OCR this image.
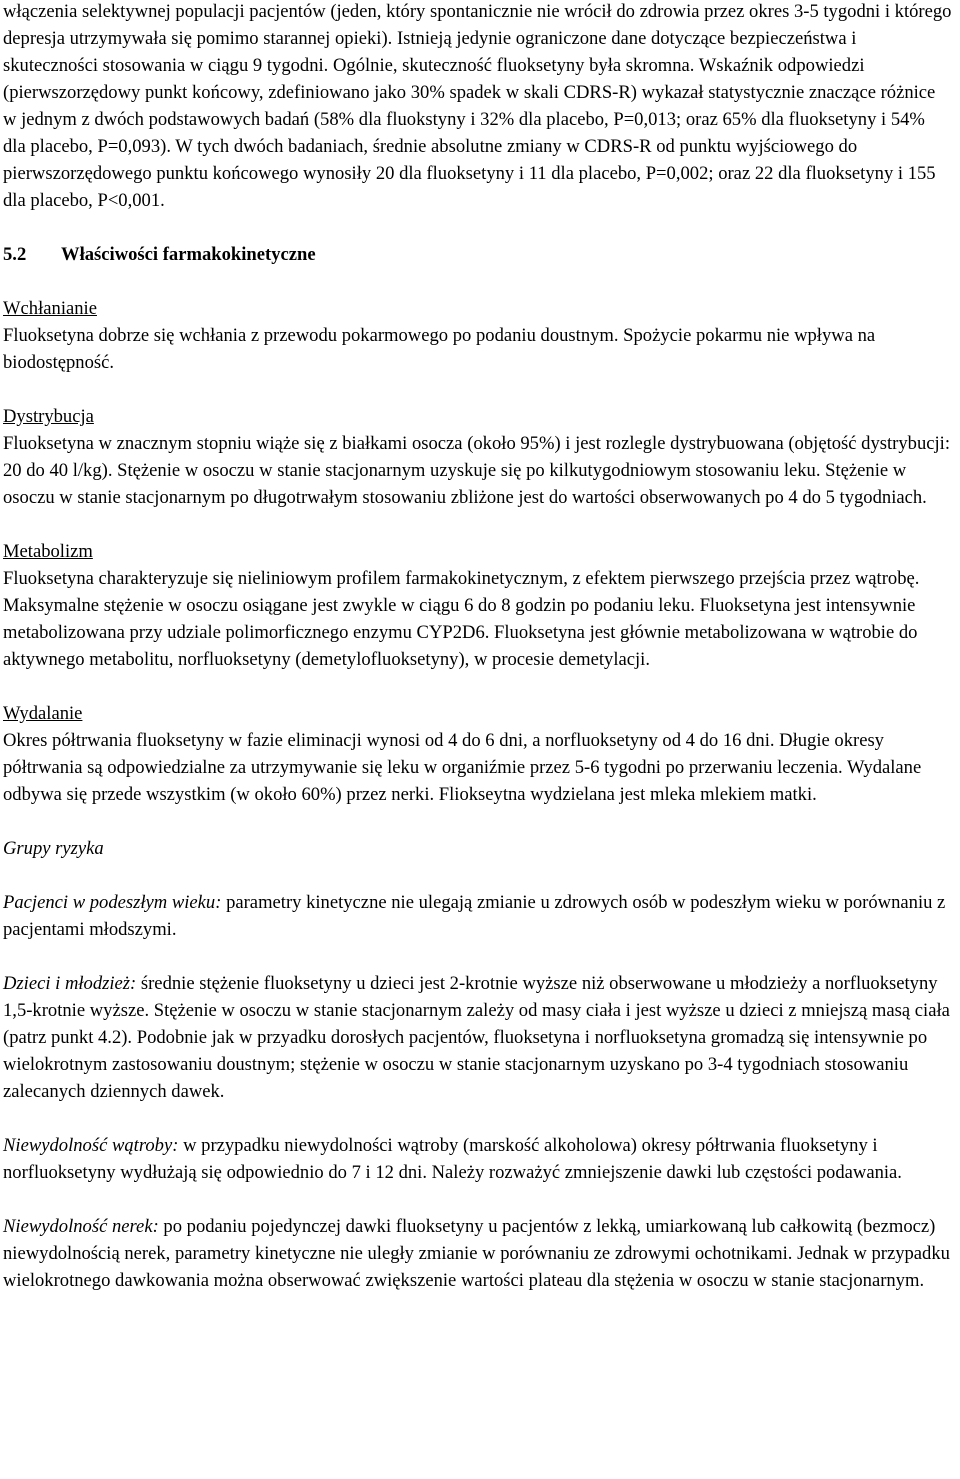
włączenia selektywnej populacji pacjentów (jeden, który spontanicznie nie wrócił do zdrowia przez okres 3-5 tygodni i którego depresja utrzymywała się pomimo starannej opieki). Istnieją jedynie ograniczone dane dotyczące bezpieczeństwa i skuteczności stosowania w ciągu 9 tygodni. Ogólnie, skuteczność fluoksetyny była skromna. Wskaźnik odpowiedzi (pierwszorzędowy punkt końcowy, zdefiniowano jako 30% spadek w skali CDRS-R) wykazał statystycznie znaczące różnice w jednym z dwóch podstawowych badań (58% dla fluokstyny i 32% dla placebo, P=0,013; oraz 65% dla fluoksetyny i 54% dla placebo, P=0,093). W tych dwóch badaniach, średnie absolutne zmiany w CDRS-R od punktu wyjściowego do pierwszorzędowego punktu końcowego wynosiły 20 dla fluoksetyny i 11 dla placebo, P=0,002; oraz 22 dla fluoksetyny i 155 dla placebo, P<0,001.

5.2 Właściwości farmakokinetyczne

Wchłanianie

Fluoksetyna dobrze się wchłania z przewodu pokarmowego po podaniu doustnym. Spożycie pokarmu nie wpływa na biodostępność.

Dystrybucja

Fluoksetyna w znacznym stopniu wiąże się z białkami osocza (około 95%) i jest rozlegle dystrybuowana (objętość dystrybucji: 20 do 40 l/kg). Stężenie w osoczu w stanie stacjonarnym uzyskuje się po kilkutygodniowym stosowaniu leku. Stężenie w osoczu w stanie stacjonarnym po długotrwałym stosowaniu zbliżone jest do wartości obserwowanych po 4 do 5 tygodniach.

Metabolizm

Fluoksetyna charakteryzuje się nieliniowym profilem farmakokinetycznym, z efektem pierwszego przejścia przez wątrobę. Maksymalne stężenie w osoczu osiągane jest zwykle w ciągu 6 do 8 godzin po podaniu leku. Fluoksetyna jest intensywnie metabolizowana przy udziale polimorficznego enzymu CYP2D6. Fluoksetyna jest głównie metabolizowana w wątrobie do aktywnego metabolitu, norfluoksetyny (demetylofluoksetyny), w procesie demetylacji.

Wydalanie

Okres półtrwania fluoksetyny w fazie eliminacji wynosi od 4 do 6 dni, a norfluoksetyny od 4 do 16 dni. Długie okresy półtrwania są odpowiedzialne za utrzymywanie się leku w organiźmie przez 5-6 tygodni po przerwaniu leczenia. Wydalane odbywa się przede wszystkim (w około 60%) przez nerki. Fliokseytna wydzielana jest mleka mlekiem matki.

Grupy ryzyka

Pacjenci w podeszłym wieku: parametry kinetyczne nie ulegają zmianie u zdrowych osób w podeszłym wieku w porównaniu z pacjentami młodszymi.

Dzieci i młodzież: średnie stężenie fluoksetyny u dzieci jest 2-krotnie wyższe niż obserwowane u młodzieży a norfluoksetyny 1,5-krotnie wyższe. Stężenie w osoczu w stanie stacjonarnym zależy od masy ciała i jest wyższe u dzieci z mniejszą masą ciała (patrz punkt 4.2). Podobnie jak w przyadku dorosłych pacjentów, fluoksetyna i norfluoksetyna gromadzą się intensywnie po wielokrotnym zastosowaniu doustnym; stężenie w osoczu w stanie stacjonarnym uzyskano po 3-4 tygodniach stosowaniu zalecanych dziennych dawek.

Niewydolność wątroby: w przypadku niewydolności wątroby (marskość alkoholowa) okresy półtrwania fluoksetyny i norfluoksetyny wydłużają się odpowiednio do 7 i 12 dni. Należy rozważyć zmniejszenie dawki lub częstości podawania.

Niewydolność nerek: po podaniu pojedynczej dawki fluoksetyny u pacjentów z lekką, umiarkowaną lub całkowitą (bezmocz) niewydolnością nerek, parametry kinetyczne nie uległy zmianie w porównaniu ze zdrowymi ochotnikami. Jednak w przypadku wielokrotnego dawkowania można obserwować zwiększenie wartości plateau dla stężenia w osoczu w stanie stacjonarnym.
